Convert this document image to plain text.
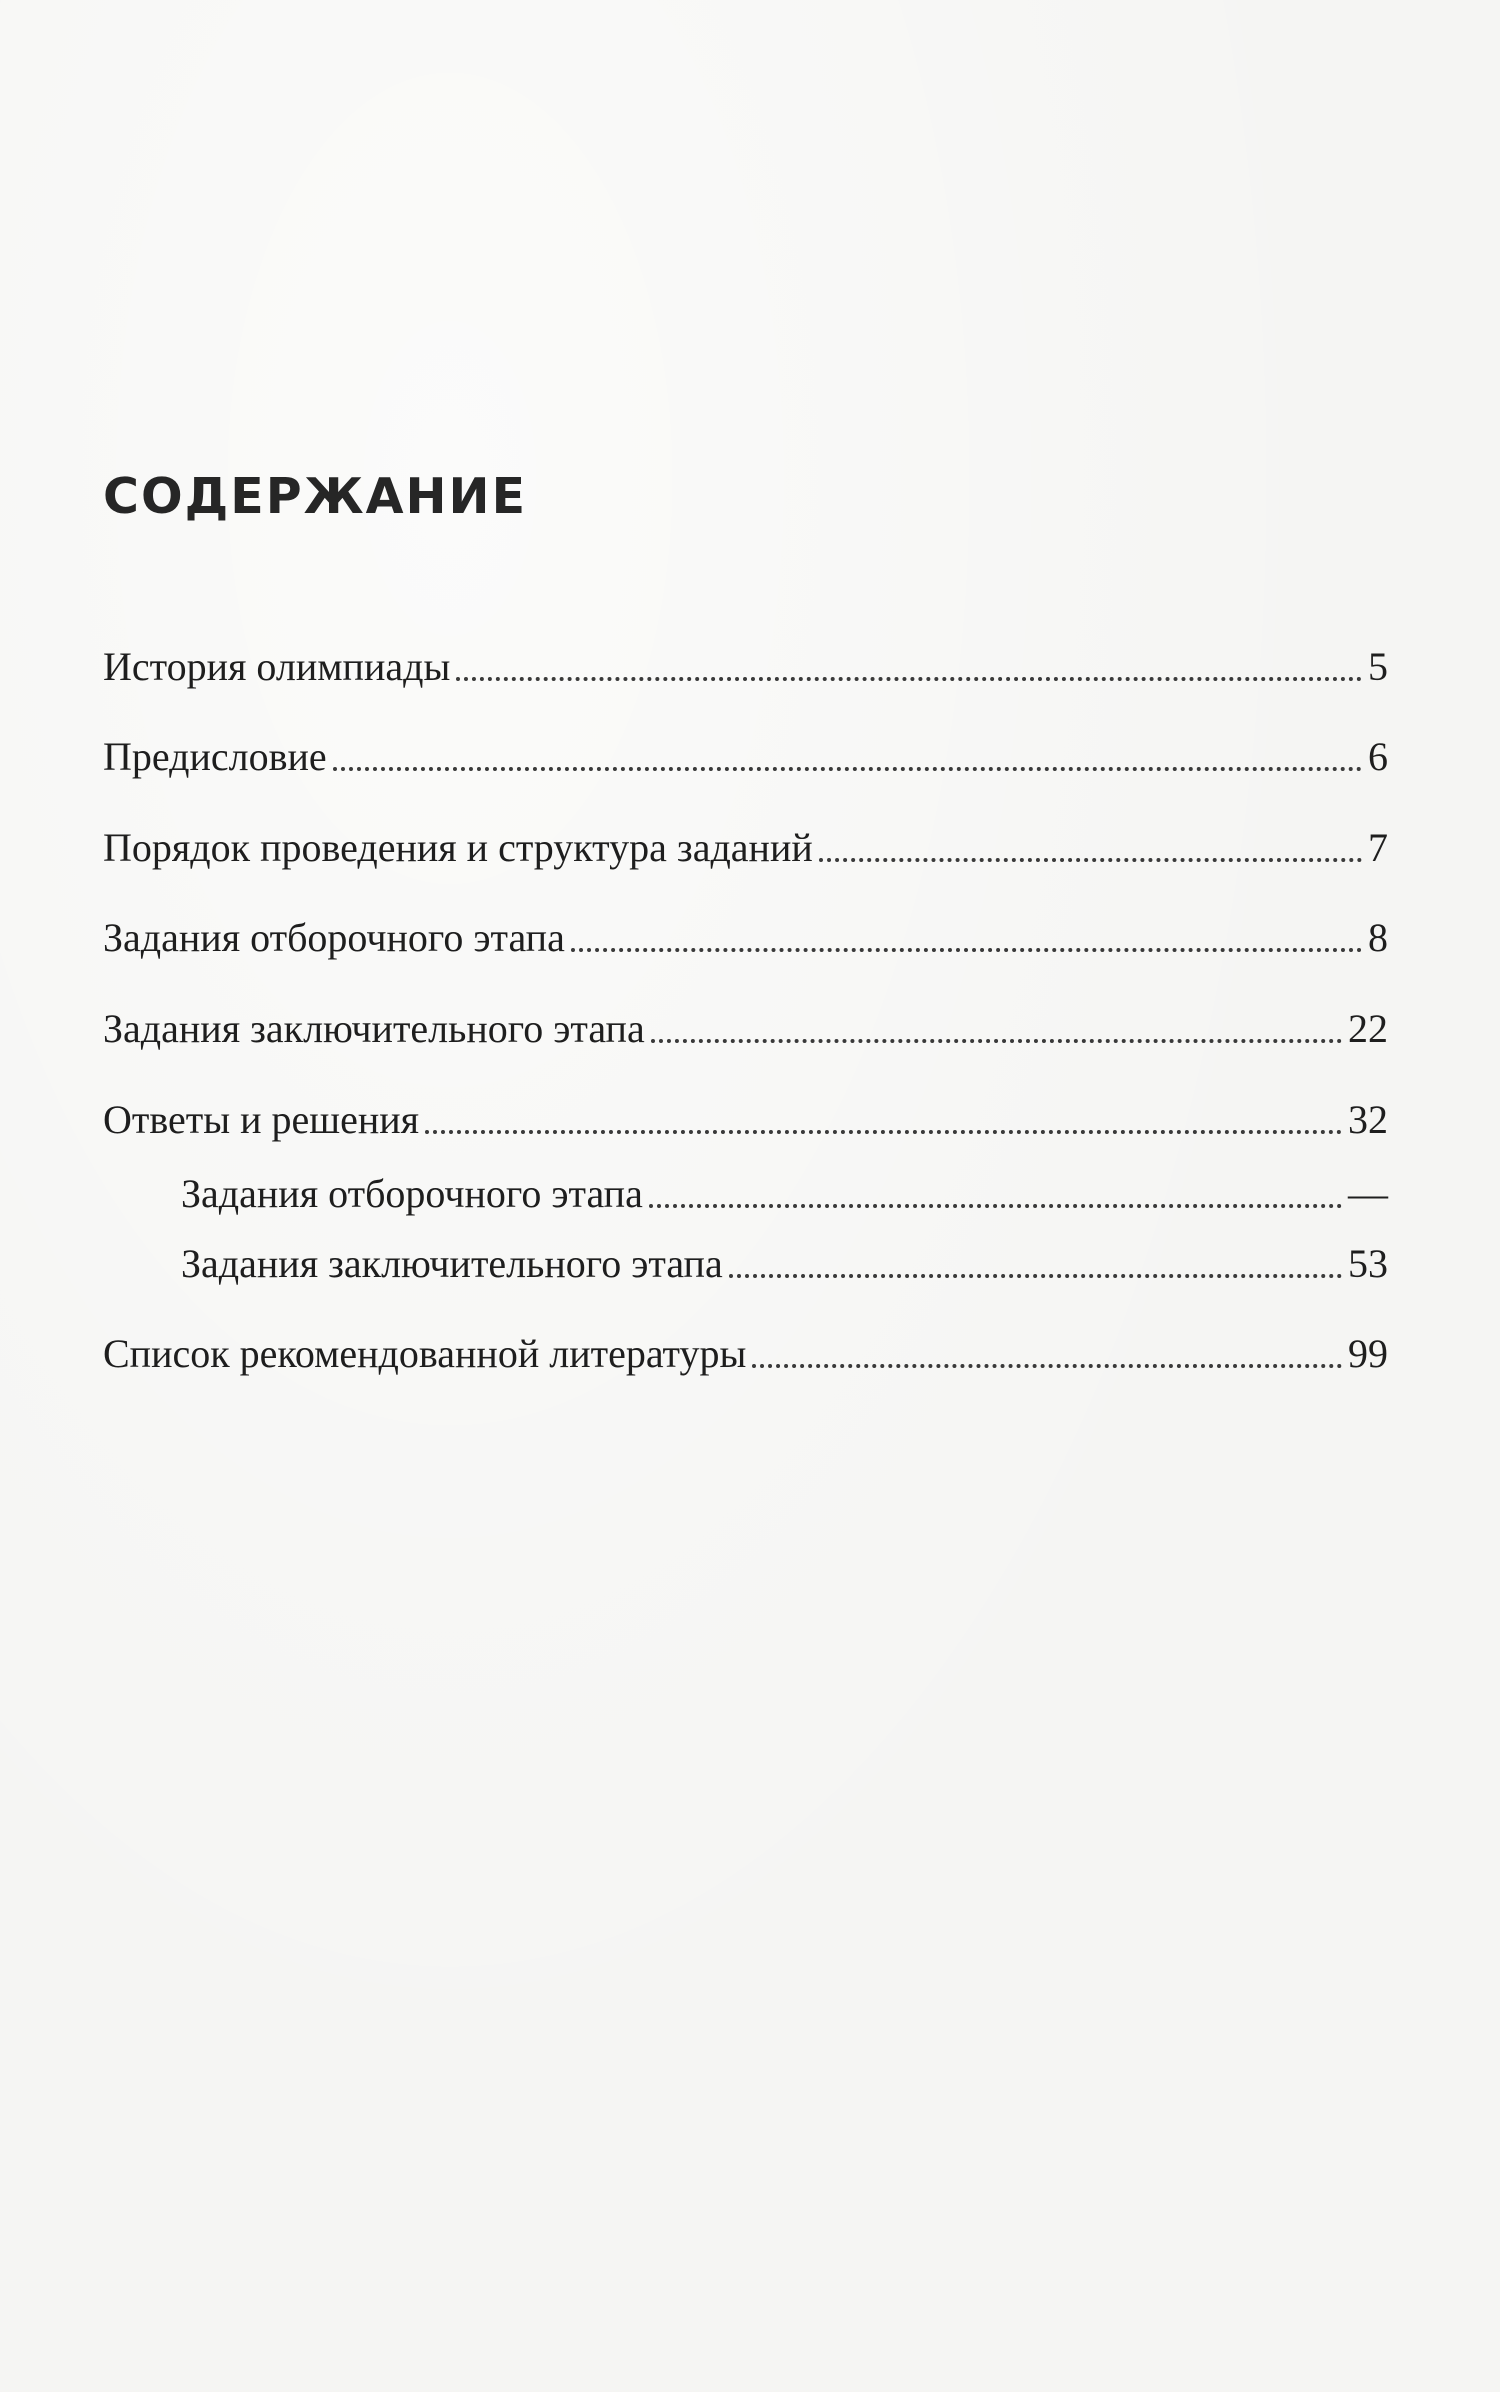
СОДЕРЖАНИЕ
История олимпиады	5
Предисловие	6
Порядок проведения и структура заданий	7
Задания отборочного этапа	8
Задания заключительного этапа	22
Ответы и решения	32
Задания отборочного этапа	—
Задания заключительного этапа	53
Список рекомендованной литературы	99
